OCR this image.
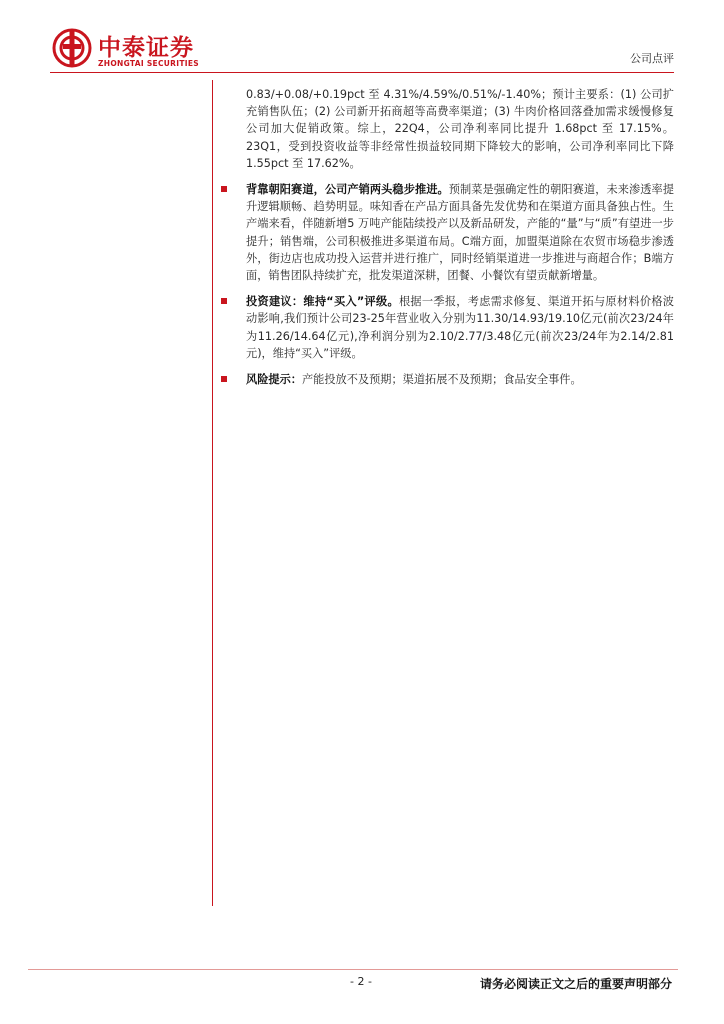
中泰证券
ZHONGTAI SECURITIES	公司点评

0.83/+0.08/+0.19pct 至 4.31%/4.59%/0.51%/-1.40%；预计主要系：(1) 公司扩充销售队伍；(2) 公司新开拓商超等高费率渠道；(3) 牛肉价格回落叠加需求缓慢修复公司加大促销政策。综上，22Q4，公司净利率同比提升 1.68pct 至 17.15%。23Q1，受到投资收益等非经常性损益较同期下降较大的影响，公司净利率同比下降 1.55pct 至 17.62%。

背靠朝阳赛道，公司产销两头稳步推进。预制菜是强确定性的朝阳赛道，未来渗透率提升逻辑顺畅、趋势明显。味知香在产品方面具备先发优势和在渠道方面具备独占性。生产端来看，伴随新增5 万吨产能陆续投产以及新品研发，产能的“量”与“质”有望进一步提升；销售端，公司积极推进多渠道布局。C端方面，加盟渠道除在农贸市场稳步渗透外，街边店也成功投入运营并进行推广，同时经销渠道进一步推进与商超合作；B端方面，销售团队持续扩充，批发渠道深耕，团餐、小餐饮有望贡献新增量。

投资建议：维持“买入”评级。根据一季报，考虑需求修复、渠道开拓与原材料价格波动影响,我们预计公司23-25年营业收入分别为11.30/14.93/19.10亿元(前次23/24年为11.26/14.64亿元),净利润分别为2.10/2.77/3.48亿元(前次23/24年为2.14/2.81元)，维持“买入”评级。

风险提示：产能投放不及预期；渠道拓展不及预期；食品安全事件。

- 2 -	请务必阅读正文之后的重要声明部分
